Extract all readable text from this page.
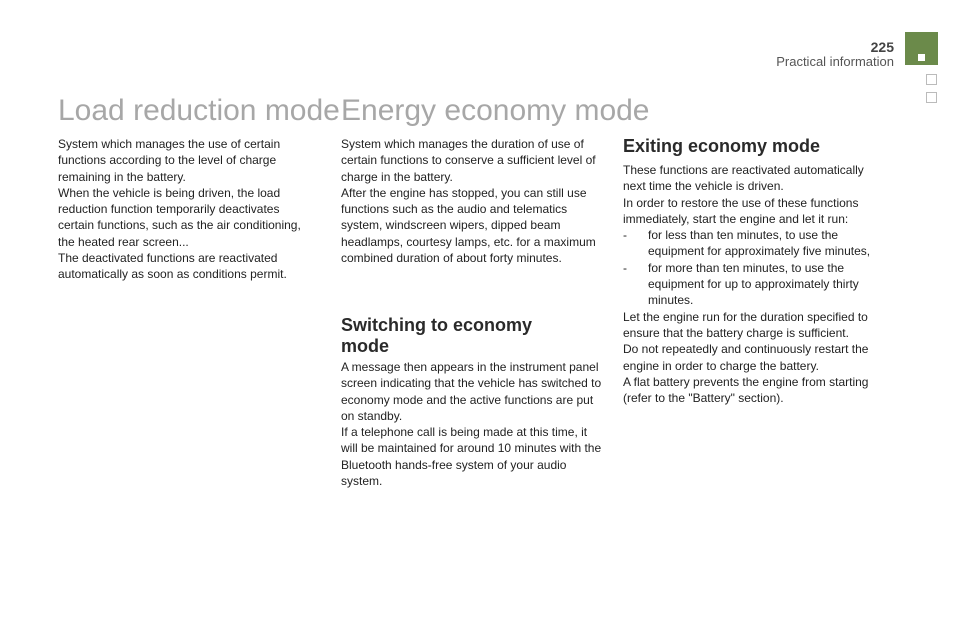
225
Practical information
Load reduction mode Energy economy mode

System which manages the use of certain functions according to the level of charge remaining in the battery.

When the vehicle is being driven, the load reduction function temporarily deactivates certain functions, such as the air conditioning, the heated rear screen...

The deactivated functions are reactivated automatically as soon as conditions permit.

System which manages the duration of use of certain functions to conserve a sufficient level of charge in the battery.

After the engine has stopped, you can still use functions such as the audio and telematics system, windscreen wipers, dipped beam headlamps, courtesy lamps, etc. for a maximum combined duration of about forty minutes.

Switching to economy mode

A message then appears in the instrument panel screen indicating that the vehicle has switched to economy mode and the active functions are put on standby.

If a telephone call is being made at this time, it will be maintained for around 10 minutes with the Bluetooth hands-free system of your audio system.

Exiting economy mode

These functions are reactivated automatically next time the vehicle is driven.

In order to restore the use of these functions immediately, start the engine and let it run:

- for less than ten minutes, to use the equipment for approximately five minutes,
- for more than ten minutes, to use the equipment for up to approximately thirty minutes.

Let the engine run for the duration specified to ensure that the battery charge is sufficient.

Do not repeatedly and continuously restart the engine in order to charge the battery.

A flat battery prevents the engine from starting (refer to the "Battery" section).
